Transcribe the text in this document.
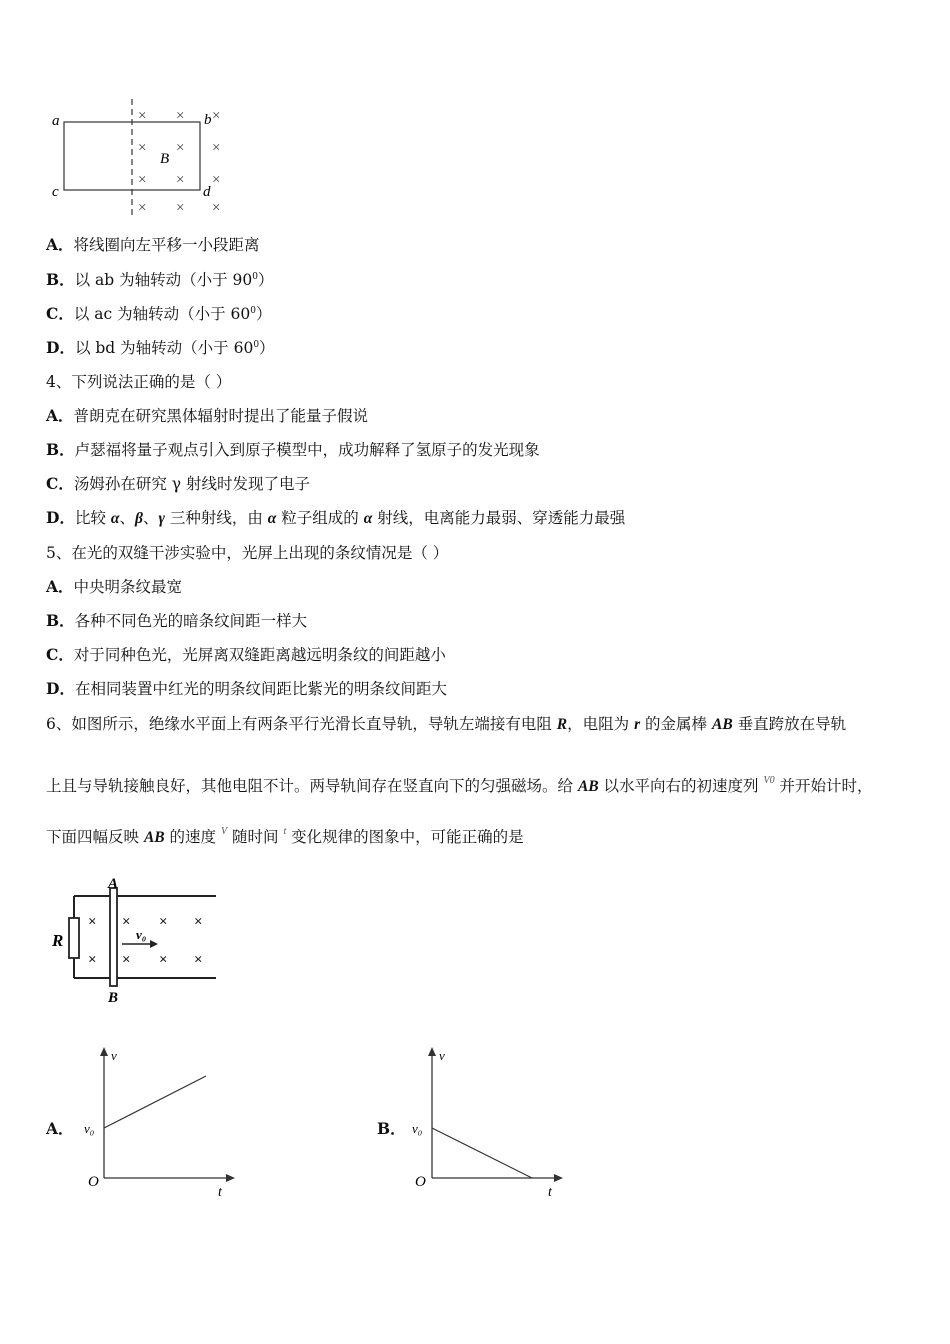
a	b
c	d
B
× × ×
× × ×
× × ×
× × ×
A．将线圈向左平移一小段距离
B．以 ab 为轴转动（小于 $90^0$）
C．以 ac 为轴转动（小于 $60^0$）
D．以 bd 为轴转动（小于 $60^0$）
4、下列说法正确的是（ ）
A．普朗克在研究黑体辐射时提出了能量子假说
B．卢瑟福将量子观点引入到原子模型中，成功解释了氢原子的发光现象
C．汤姆孙在研究 γ 射线时发现了电子
D．比较 α、β、γ 三种射线，由 α 粒子组成的 α 射线，电离能力最弱、穿透能力最强
5、在光的双缝干涉实验中，光屏上出现的条纹情况是（ ）
A．中央明条纹最宽
B．各种不同色光的暗条纹间距一样大
C．对于同种色光，光屏离双缝距离越远明条纹的间距越小
D．在相同装置中红光的明条纹间距比紫光的明条纹间距大
6、如图所示，绝缘水平面上有两条平行光滑长直导轨，导轨左端接有电阻 R，电阻为 r 的金属棒 AB 垂直跨放在导轨
上且与导轨接触良好，其他电阻不计。两导轨间存在竖直向下的匀强磁场。给 AB 以水平向右的初速度列 $^{V0}$ 并开始计时，
下面四幅反映 AB 的速度 $^V$ 随时间 $^t$ 变化规律的图象中，可能正确的是
R
A
B
v₀
× × × ×
× × × ×
A．
v
t
O
v₀	B．
v
t
O
v₀
